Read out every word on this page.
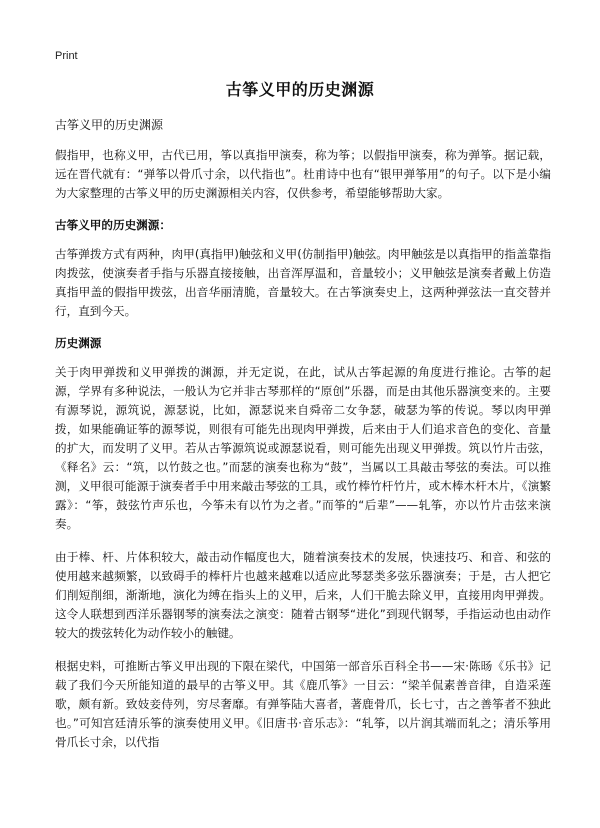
Print
古筝义甲的历史渊源

古筝义甲的历史渊源

假指甲，也称义甲，古代已用，筝以真指甲演奏，称为筝；以假指甲演奏，称为弹筝。据记载，远在晋代就有：“弹筝以骨爪寸余，以代指也”。杜甫诗中也有“银甲弹筝用”的句子。以下是小编为大家整理的古筝义甲的历史渊源相关内容，仅供参考，希望能够帮助大家。

古筝义甲的历史渊源：

古筝弹拨方式有两种，肉甲(真指甲)触弦和义甲(仿制指甲)触弦。肉甲触弦是以真指甲的指盖靠指肉拨弦，使演奏者手指与乐器直接接触，出音浑厚温和，音量较小；义甲触弦是演奏者戴上仿造真指甲盖的假指甲拨弦，出音华丽清脆，音量较大。在古筝演奏史上，这两种弹弦法一直交替并行，直到今天。

历史渊源

关于肉甲弹拨和义甲弹拨的渊源，并无定说，在此，试从古筝起源的角度进行推论。古筝的起源，学界有多种说法，一般认为它并非古琴那样的“原创”乐器，而是由其他乐器演变来的。主要有源琴说，源筑说，源瑟说，比如，源瑟说来自舜帝二女争瑟，破瑟为筝的传说。琴以肉甲弹拨，如果能确证筝的源琴说，则很有可能先出现肉甲弹拨，后来由于人们追求音色的变化、音量的扩大，而发明了义甲。若从古筝源筑说或源瑟说看，则可能先出现义甲弹拨。筑以竹片击弦，《释名》云：“筑，以竹鼓之也。”而瑟的演奏也称为“鼓”，当属以工具敲击琴弦的奏法。可以推测，义甲很可能源于演奏者手中用来敲击琴弦的工具，或竹棒竹杆竹片，或木棒木杆木片，《演繁露》：“筝，鼓弦竹声乐也，今筝未有以竹为之者。”而筝的“后辈”——轧筝，亦以竹片击弦来演奏。

由于棒、杆、片体积较大，敲击动作幅度也大，随着演奏技术的发展，快速技巧、和音、和弦的使用越来越频繁，以致碍手的棒杆片也越来越难以适应此琴瑟类多弦乐器演奏；于是，古人把它们削短削细，渐渐地，演化为缚在指头上的义甲，后来，人们干脆去除义甲，直接用肉甲弹拨。这令人联想到西洋乐器钢琴的演奏法之演变：随着古钢琴“进化”到现代钢琴，手指运动也由动作较大的拨弦转化为动作较小的触键。

根据史料，可推断古筝义甲出现的下限在梁代，中国第一部音乐百科全书——宋·陈旸《乐书》记载了我们今天所能知道的最早的古筝义甲。其《鹿爪筝》一目云：“梁羊侃素善音律，自造采莲歌，颇有新。致妓妾侍列，穷尽奢靡。有弹筝陆大喜者，著鹿骨爪，长七寸，古之善筝者不独此也。”可知宫廷清乐筝的演奏使用义甲。《旧唐书·音乐志》：“轧筝，以片润其端而轧之；清乐筝用骨爪长寸余，以代指
